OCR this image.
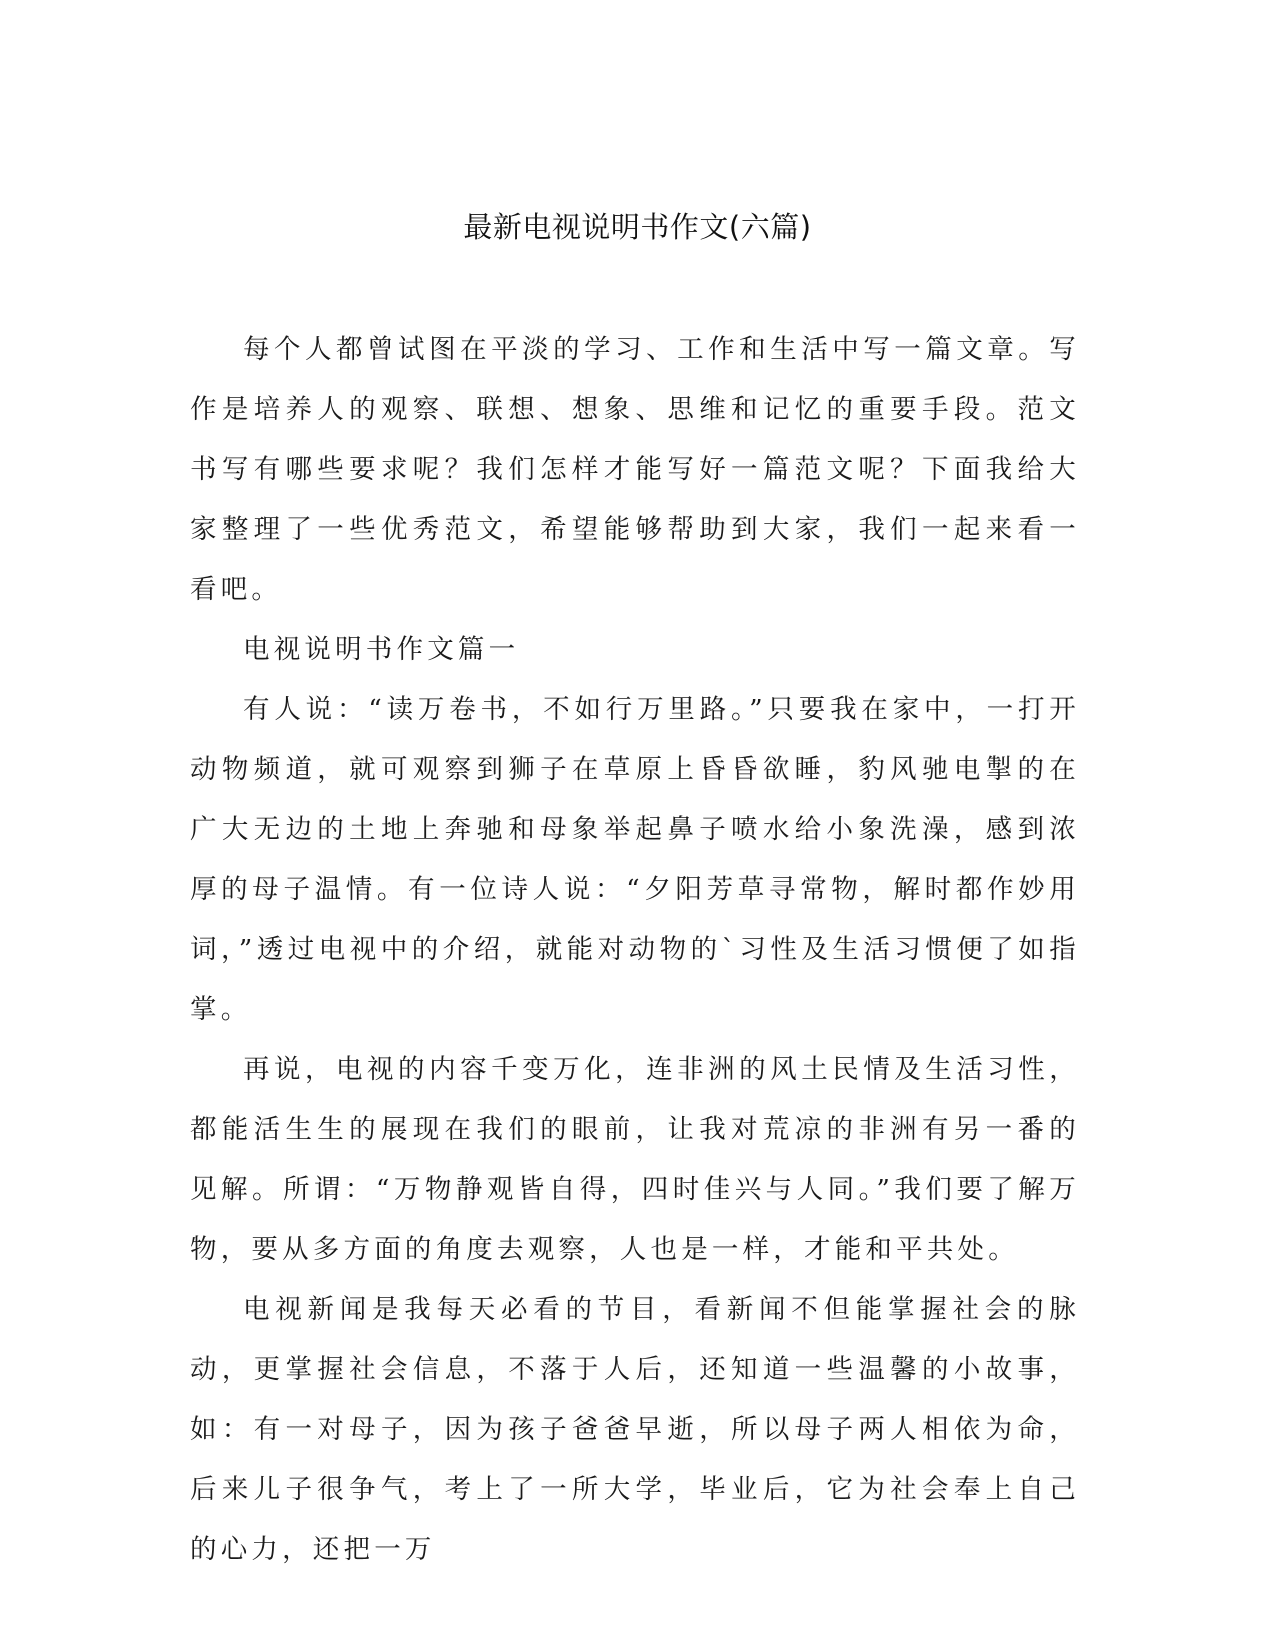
最新电视说明书作文(六篇)

每个人都曾试图在平淡的学习、工作和生活中写一篇文章。写作是培养人的观察、联想、想象、思维和记忆的重要手段。范文书写有哪些要求呢？我们怎样才能写好一篇范文呢？下面我给大家整理了一些优秀范文，希望能够帮助到大家，我们一起来看一看吧。

电视说明书作文篇一

有人说：“读万卷书，不如行万里路。”只要我在家中，一打开动物频道，就可观察到狮子在草原上昏昏欲睡，豹风驰电掣的在广大无边的土地上奔驰和母象举起鼻子喷水给小象洗澡，感到浓厚的母子温情。有一位诗人说：“夕阳芳草寻常物，解时都作妙用词，”透过电视中的介绍，就能对动物的`习性及生活习惯便了如指掌。

再说，电视的内容千变万化，连非洲的风土民情及生活习性，都能活生生的展现在我们的眼前，让我对荒凉的非洲有另一番的见解。所谓：“万物静观皆自得，四时佳兴与人同。”我们要了解万物，要从多方面的角度去观察，人也是一样，才能和平共处。

电视新闻是我每天必看的节目，看新闻不但能掌握社会的脉动，更掌握社会信息，不落于人后，还知道一些温馨的小故事，如：有一对母子，因为孩子爸爸早逝，所以母子两人相依为命，后来儿子很争气，考上了一所大学，毕业后，它为社会奉上自己的心力，还把一万
